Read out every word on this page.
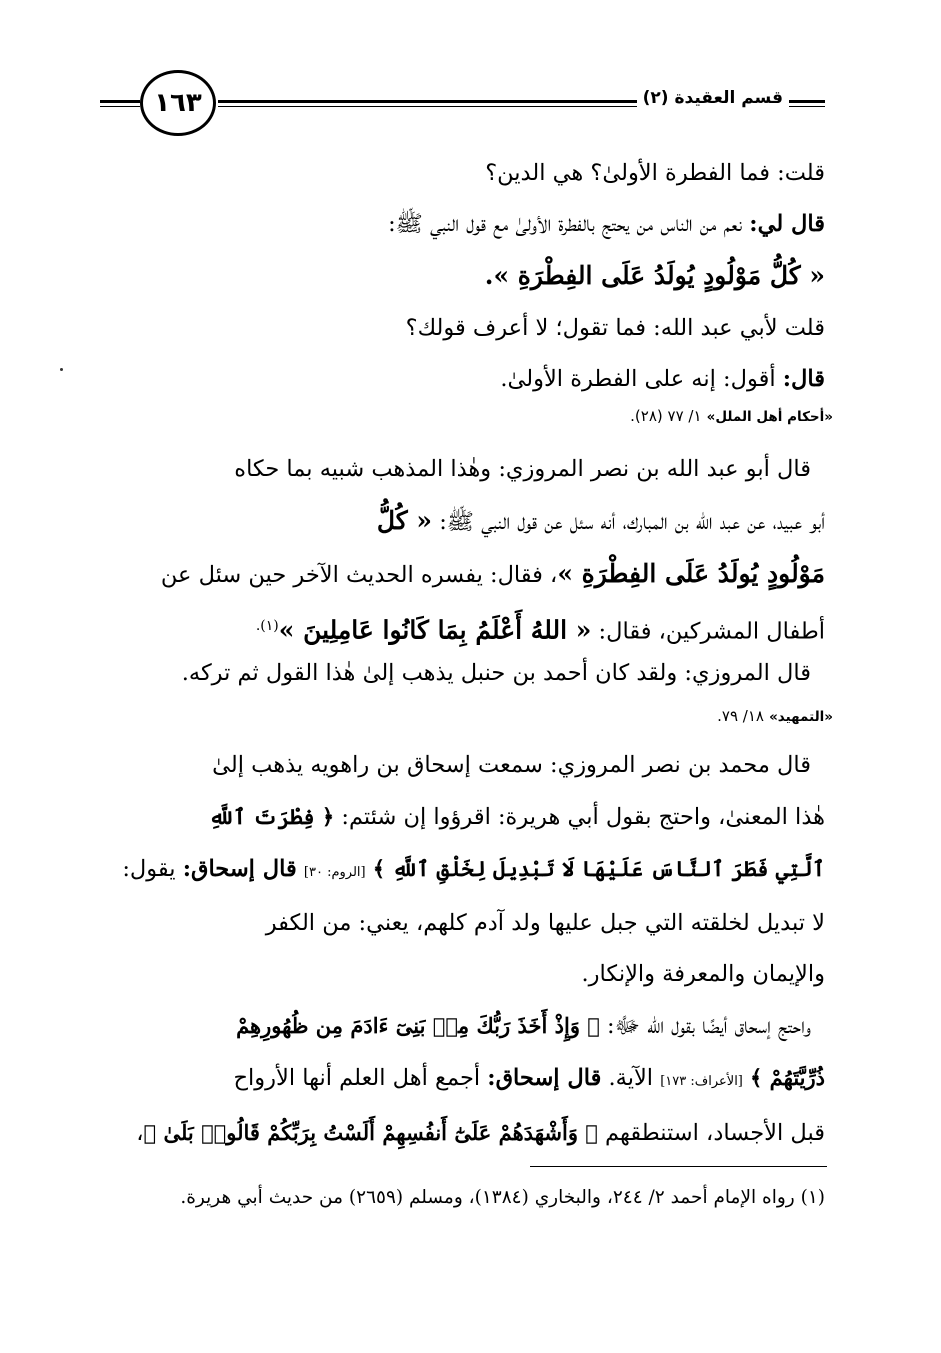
١٦٣	قسم العقيدة (٢)
قلت: فما الفطرة الأولىٰ؟ هي الدين؟
قال لي: نعم من الناس من يحتج بالفطرة الأولىٰ مع قول النبي ﷺ:
« كُلُّ مَوْلُودٍ يُولَدُ عَلَى الفِطْرَةِ ».
قلت لأبي عبد الله: فما تقول؛ لا أعرف قولك؟
قال: أقول: إنه على الفطرة الأولىٰ.
«أحكام أهل الملل» ١/ ٧٧ (٢٨).
قال أبو عبد الله بن نصر المروزي: وهٰذا المذهب شبيه بما حكاه
أبو عبيد، عن عبد الله بن المبارك، أنه سئل عن قول النبي ﷺ: « كُلُّ
مَوْلُودٍ يُولَدُ عَلَى الفِطْرَةِ »، فقال: يفسره الحديث الآخر حين سئل عن
أطفال المشركين، فقال: « اللهُ أَعْلَمُ بِمَا كَانُوا عَامِلِينَ »$^{(١).}$
قال المروزي: ولقد كان أحمد بن حنبل يذهب إلىٰ هٰذا القول ثم تركه.
«التمهيد» ١٨/ ٧٩.
قال محمد بن نصر المروزي: سمعت إسحاق بن راهويه يذهب إلىٰ
هٰذا المعنىٰ، واحتج بقول أبي هريرة: اقرؤوا إن شئتم: ﴿ فِطْرَتَ ٱللَّهِ
ٱلَّتِي فَطَرَ ٱلنَّاسَ عَلَيْهَا لَا تَبْدِيلَ لِخَلْقِ ٱللَّهِ ﴾ [الروم: ٣٠] قال إسحاق: يقول:
لا تبديل لخلقته التي جبل عليها ولد آدم كلهم، يعني: من الكفر
والإيمان والمعرفة والإنكار.
واحتج إسحاق أيضًا بقول الله ﷻ: ﴿ وَإِذْ أَخَذَ رَبُّكَ مِنۢ بَنِىٓ ءَادَمَ مِن ظُهُورِهِمْ
ذُرِّيَّتَهُمْ ﴾ [الأعراف: ١٧٣] الآية. قال إسحاق: أجمع أهل العلم أنها الأرواح
قبل الأجساد، استنطقهم ﴿ وَأَشْهَدَهُمْ عَلَىٰٓ أَنفُسِهِمْ أَلَسْتُ بِرَبِّكُمْ قَالُوا۟ بَلَىٰ ﴾،
(١) رواه الإمام أحمد ٢/ ٢٤٤، والبخاري (١٣٨٤)، ومسلم (٢٦٥٩) من حديث أبي هريرة.
